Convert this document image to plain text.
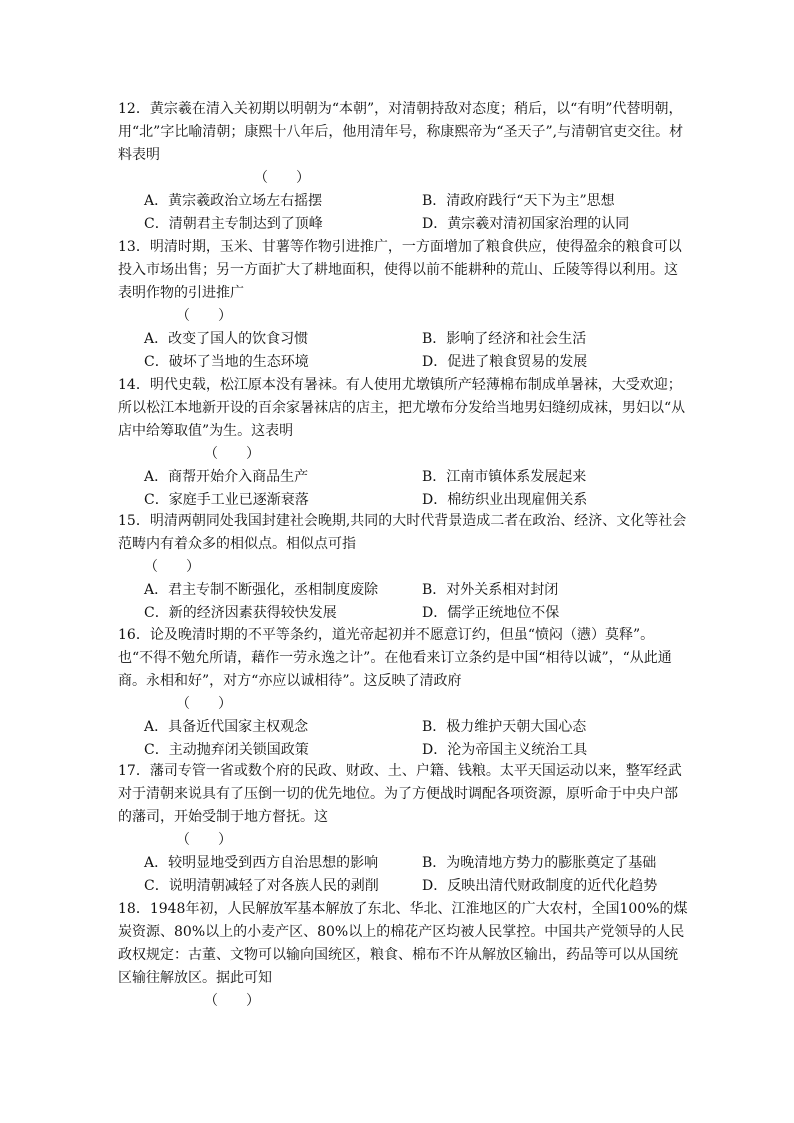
12．黄宗羲在清入关初期以明朝为“本朝”，对清朝持敌对态度；稍后，以“有明”代替明朝，用“北”字比喻清朝；康熙十八年后，他用清年号，称康熙帝为“圣天子”,与清朝官吏交往。材料表明
（　　）
A．黄宗羲政治立场左右摇摆	B．清政府践行“天下为主”思想
C．清朝君主专制达到了顶峰	D．黄宗羲对清初国家治理的认同
13．明清时期，玉米、甘薯等作物引进推广，一方面增加了粮食供应，使得盈余的粮食可以投入市场出售；另一方面扩大了耕地面积，使得以前不能耕种的荒山、丘陵等得以利用。这表明作物的引进推广
（　　）
A．改变了国人的饮食习惯	B．影响了经济和社会生活
C．破坏了当地的生态环境	D．促进了粮食贸易的发展
14．明代史载，松江原本没有暑袜。有人使用尤墩镇所产轻薄棉布制成单暑袜，大受欢迎；所以松江本地新开设的百余家暑袜店的店主，把尤墩布分发给当地男妇缝纫成袜，男妇以“从店中给筹取值”为生。这表明
（　　）
A．商帮开始介入商品生产	B．江南市镇体系发展起来
C．家庭手工业已逐渐衰落	D．棉纺织业出现雇佣关系
15．明清两朝同处我国封建社会晚期,共同的大时代背景造成二者在政治、经济、文化等社会范畴内有着众多的相似点。相似点可指
（　　）
A．君主专制不断强化，丞相制度废除	B．对外关系相对封闭
C．新的经济因素获得较快发展	D．儒学正统地位不保
16．论及晚清时期的不平等条约，道光帝起初并不愿意订约，但虽“愤闷（懑）莫释”。也“不得不勉允所请，藉作一劳永逸之计”。在他看来订立条约是中国“相待以诚”，“从此通商。永相和好”，对方“亦应以诚相待”。这反映了清政府
（　　）
A．具备近代国家主权观念	B．极力维护天朝大国心态
C．主动抛弃闭关锁国政策	D．沦为帝国主义统治工具
17．藩司专管一省或数个府的民政、财政、土、户籍、钱粮。太平天国运动以来，整军经武对于清朝来说具有了压倒一切的优先地位。为了方便战时调配各项资源，原听命于中央户部的藩司，开始受制于地方督抚。这
（　　）
A．较明显地受到西方自治思想的影响	B．为晚清地方势力的膨胀奠定了基础
C．说明清朝减轻了对各族人民的剥削	D．反映出清代财政制度的近代化趋势
18．1948年初，人民解放军基本解放了东北、华北、江淮地区的广大农村，全国100%的煤炭资源、80%以上的小麦产区、80%以上的棉花产区均被人民掌控。中国共产党领导的人民政权规定：古董、文物可以输向国统区，粮食、棉布不许从解放区输出，药品等可以从国统区输往解放区。据此可知
（　　）
